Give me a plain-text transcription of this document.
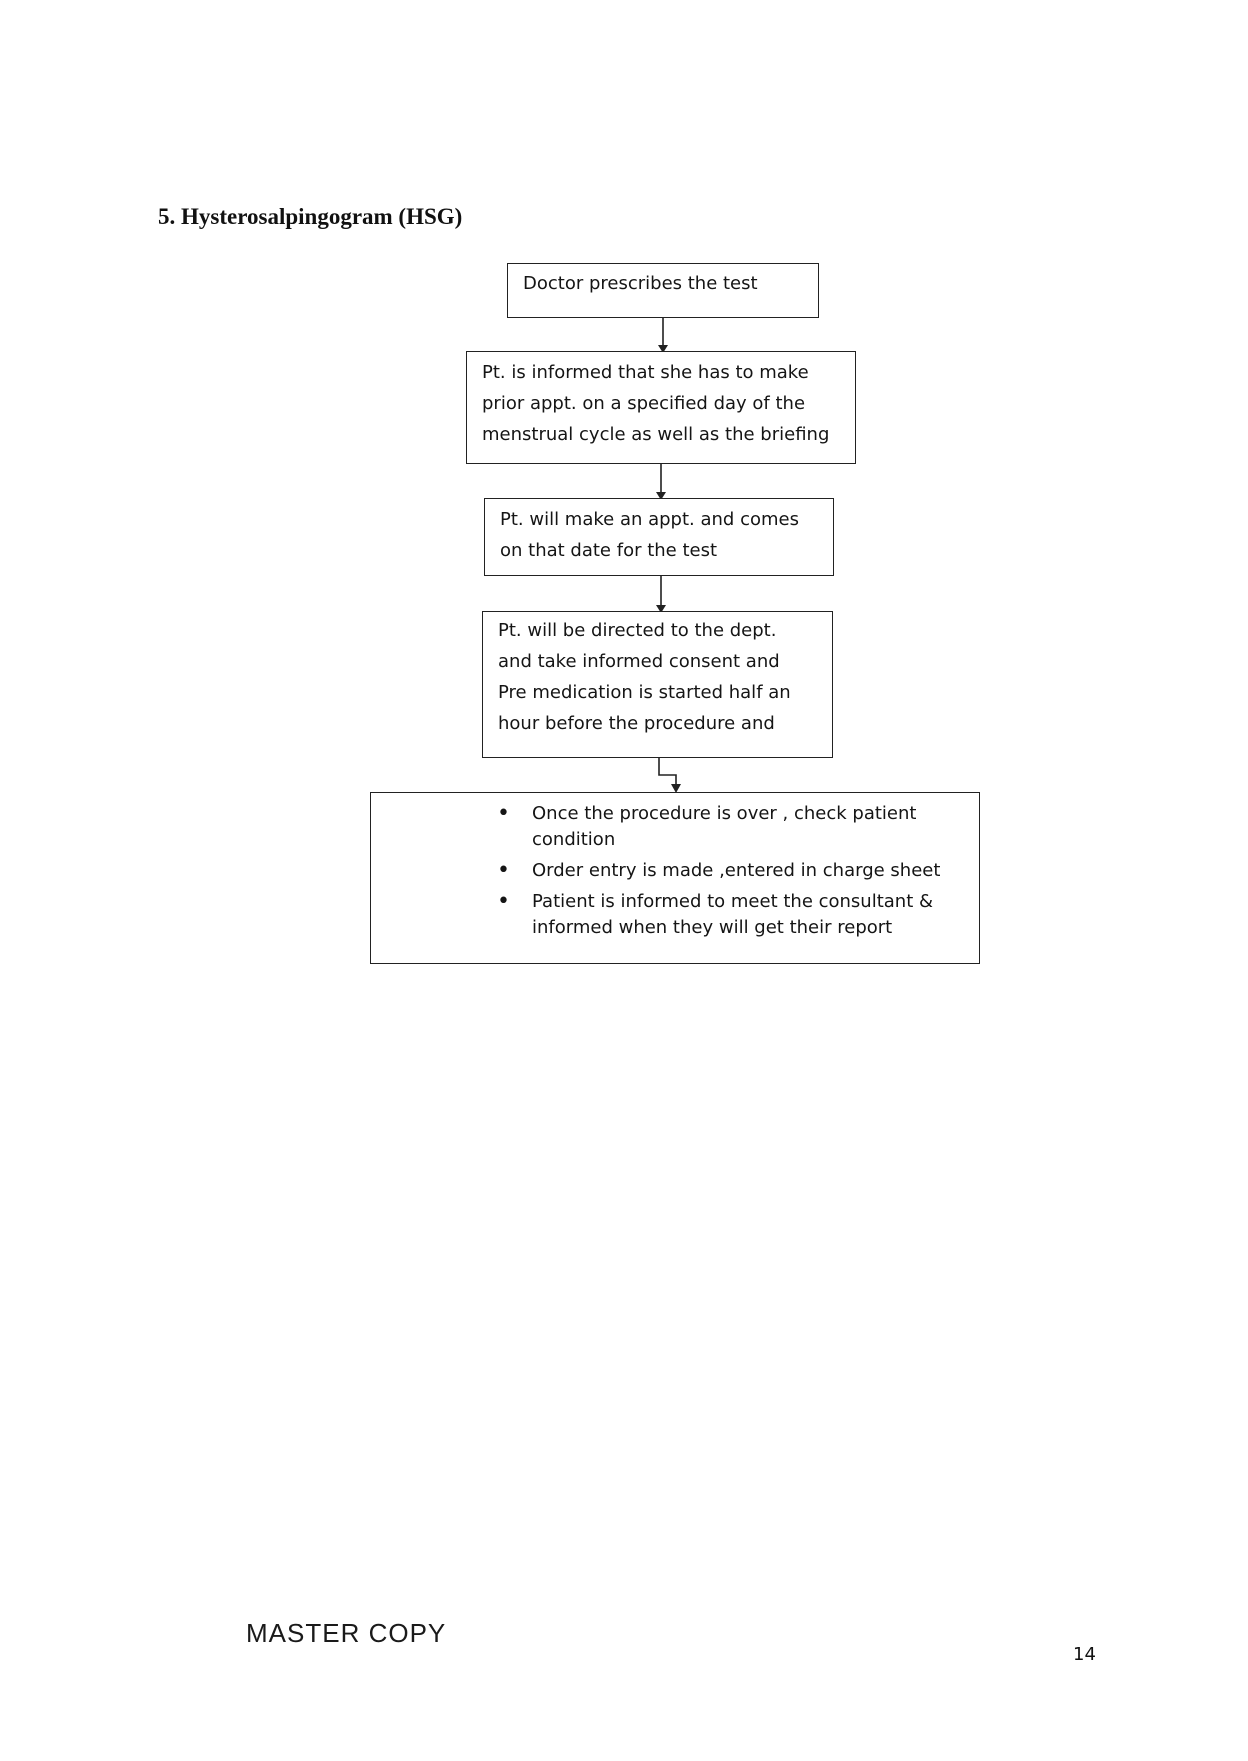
5. Hysterosalpingogram (HSG)
Doctor prescribes the test
Pt. is informed that she has to make
prior appt. on a specified day of the
menstrual cycle as well as the briefing
Pt. will make an appt. and comes
on that date for the test
Pt. will be directed to the dept.
and take informed consent and
Pre medication is started half an
hour before the procedure and
• Once the procedure is over , check patient condition
• Order entry is made ,entered in charge sheet
• Patient is informed to meet the consultant & informed when they will get their report
MASTER COPY
14
